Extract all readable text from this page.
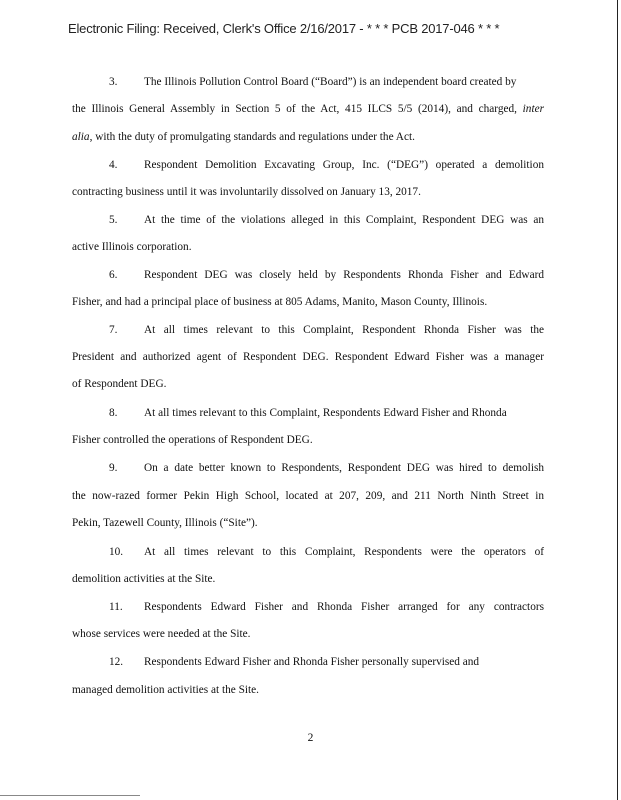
Electronic Filing: Received, Clerk's Office 2/16/2017 - * * * PCB 2017-046 * * *
3. The Illinois Pollution Control Board (“Board”) is an independent board created by
the Illinois General Assembly in Section 5 of the Act, 415 ILCS 5/5 (2014), and charged, inter
alia, with the duty of promulgating standards and regulations under the Act.
4. Respondent Demolition Excavating Group, Inc. (“DEG”) operated a demolition
contracting business until it was involuntarily dissolved on January 13, 2017.
5. At the time of the violations alleged in this Complaint, Respondent DEG was an
active Illinois corporation.
6. Respondent DEG was closely held by Respondents Rhonda Fisher and Edward
Fisher, and had a principal place of business at 805 Adams, Manito, Mason County, Illinois.
7. At all times relevant to this Complaint, Respondent Rhonda Fisher was the
President and authorized agent of Respondent DEG. Respondent Edward Fisher was a manager
of Respondent DEG.
8. At all times relevant to this Complaint, Respondents Edward Fisher and Rhonda
Fisher controlled the operations of Respondent DEG.
9. On a date better known to Respondents, Respondent DEG was hired to demolish
the now-razed former Pekin High School, located at 207, 209, and 211 North Ninth Street in
Pekin, Tazewell County, Illinois (“Site”).
10. At all times relevant to this Complaint, Respondents were the operators of
demolition activities at the Site.
11. Respondents Edward Fisher and Rhonda Fisher arranged for any contractors
whose services were needed at the Site.
12. Respondents Edward Fisher and Rhonda Fisher personally supervised and
managed demolition activities at the Site.
2
